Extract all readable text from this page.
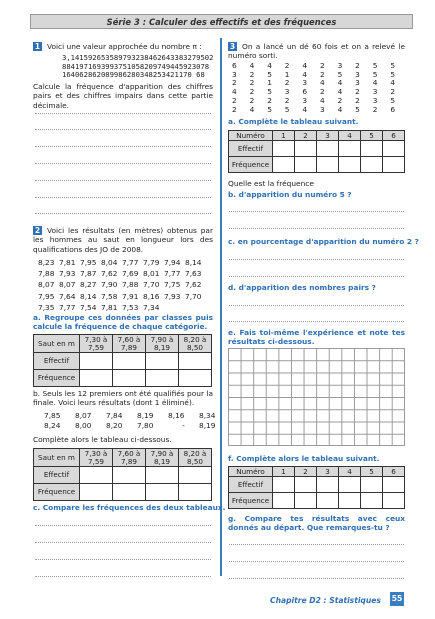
Série 3 : Calculer des effectifs et des fréquences
1 Voici une valeur approchée du nombre π :
3,141592653589793238462643383279502
8841971693993751058209749445923078
164062862089986280348253421170 68
Calcule la fréquence d'apparition des chiffres pairs et des chiffres impairs dans cette partie décimale.
2 Voici les résultats (en mètres) obtenus par les hommes au saut en longueur lors des qualifications des JO de 2008.
8,23 7,81 7,95 8,04 7,77 7,79 7,94 8,14
7,88 7,93 7,87 7,62 7,69 8,01 7,77 7,63
8,07 8,07 8,27 7,90 7,88 7,70 7,75 7,62
7,95 7,64 8,14 7,58 7,91 8,16 7,93 7,70
7,35 7,77 7,54 7,81 7,53 7,34
a. Regroupe ces données par classes puis calcule la fréquence de chaque catégorie.
Saut en m	7,30 à 7,59	7,60 à 7,89	7,90 à 8,19	8,20 à 8,50
Effectif				
Fréquence				
b. Seuls les 12 premiers ont été qualifiés pour la finale. Voici leurs résultats (dont 1 éliminé).
7,85 8,07 7,84 8,19 8,16 8,34
8,24 8,00 8,20 7,80	- 8,19
Complète alors le tableau ci-dessous.
Saut en m	7,30 à 7,59	7,60 à 7,89	7,90 à 8,19	8,20 à 8,50
Effectif				
Fréquence				
c. Compare les fréquences des deux tableaux.
3 On a lancé un dé 60 fois et on a relevé le numéro sorti.
6 4 4 2 4 2 3 2 5 5
3 2 5 1 4 2 5 3 5 5
2 2 1 2 3 4 4 3 4 4
4 2 5 3 6 2 4 2 3 2
2 2 2 2 3 4 2 2 3 5
2 4 5 5 4 3 4 5 2 6
a. Complète le tableau suivant.
Numéro	1	2	3	4	5	6
Effectif						
Fréquence						
Quelle est la fréquence
b. d'apparition du numéro 5 ?
c. en pourcentage d'apparition du numéro 2 ?
d. d'apparition des nombres pairs ?
e. Fais toi-même l'expérience et note tes résultats ci-dessous.
f. Complète alors le tableau suivant.
Numéro	1	2	3	4	5	6
Effectif						
Fréquence						
g. Compare tes résultats avec ceux donnés au départ. Que remarques-tu ?
Chapitre D2 : Statistiques 55
